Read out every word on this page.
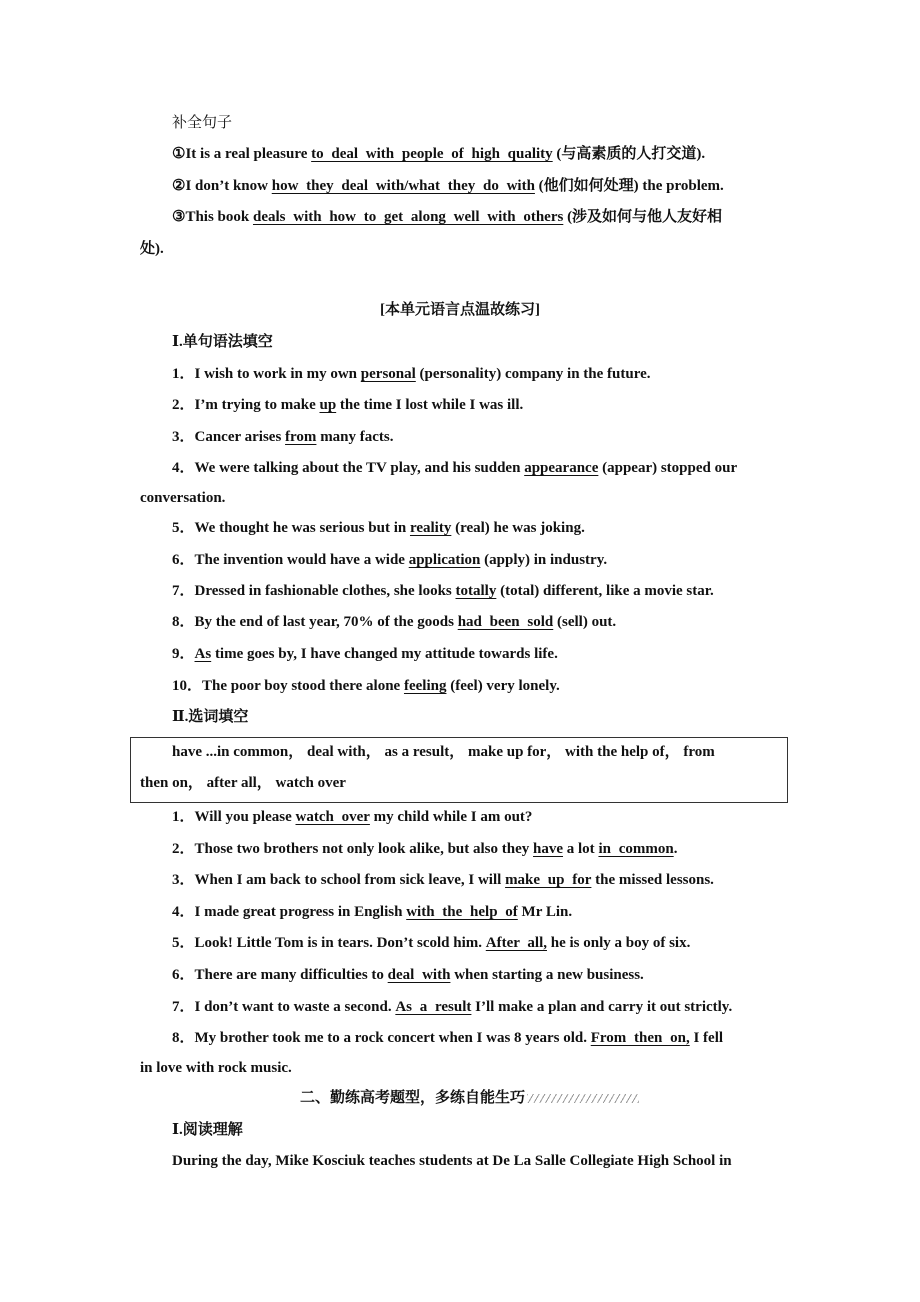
补全句子
①It is a real pleasure to deal with people of high quality (与高素质的人打交道).
②I don’t know how they deal with/what they do with (他们如何处理) the problem.
③This book deals with how to get along well with others (涉及如何与他人友好相
处).
[本单元语言点温故练习]
Ⅰ.单句语法填空
1．I wish to work in my own personal (personality) company in the future.
2．I’m trying to make up the time I lost while I was ill.
3．Cancer arises from many facts.
4．We were talking about the TV play, and his sudden appearance (appear) stopped our
conversation.
5．We thought he was serious but in reality (real) he was joking.
6．The invention would have a wide application (apply) in industry.
7．Dressed in fashionable clothes, she looks totally (total) different, like a movie star.
8．By the end of last year, 70% of the goods had been sold (sell) out.
9．As time goes by, I have changed my attitude towards life.
10．The poor boy stood there alone feeling (feel) very lonely.
Ⅱ.选词填空
have ...in common， deal with， as a result， make up for， with the help of， from
then on， after all， watch over
1．Will you please watch over my child while I am out?
2．Those two brothers not only look alike, but also they have a lot in common.
3．When I am back to school from sick leave, I will make up for the missed lessons.
4．I made great progress in English with the help of Mr Lin.
5．Look! Little Tom is in tears. Don’t scold him. After all, he is only a boy of six.
6．There are many difficulties to deal with when starting a new business.
7．I don’t want to waste a second. As a result I’ll make a plan and carry it out strictly.
8．My brother took me to a rock concert when I was 8 years old. From then on, I fell
in love with rock music.
二、勤练高考题型，多练自能生巧
Ⅰ.阅读理解
During the day, Mike Kosciuk teaches students at De La Salle Collegiate High School in
